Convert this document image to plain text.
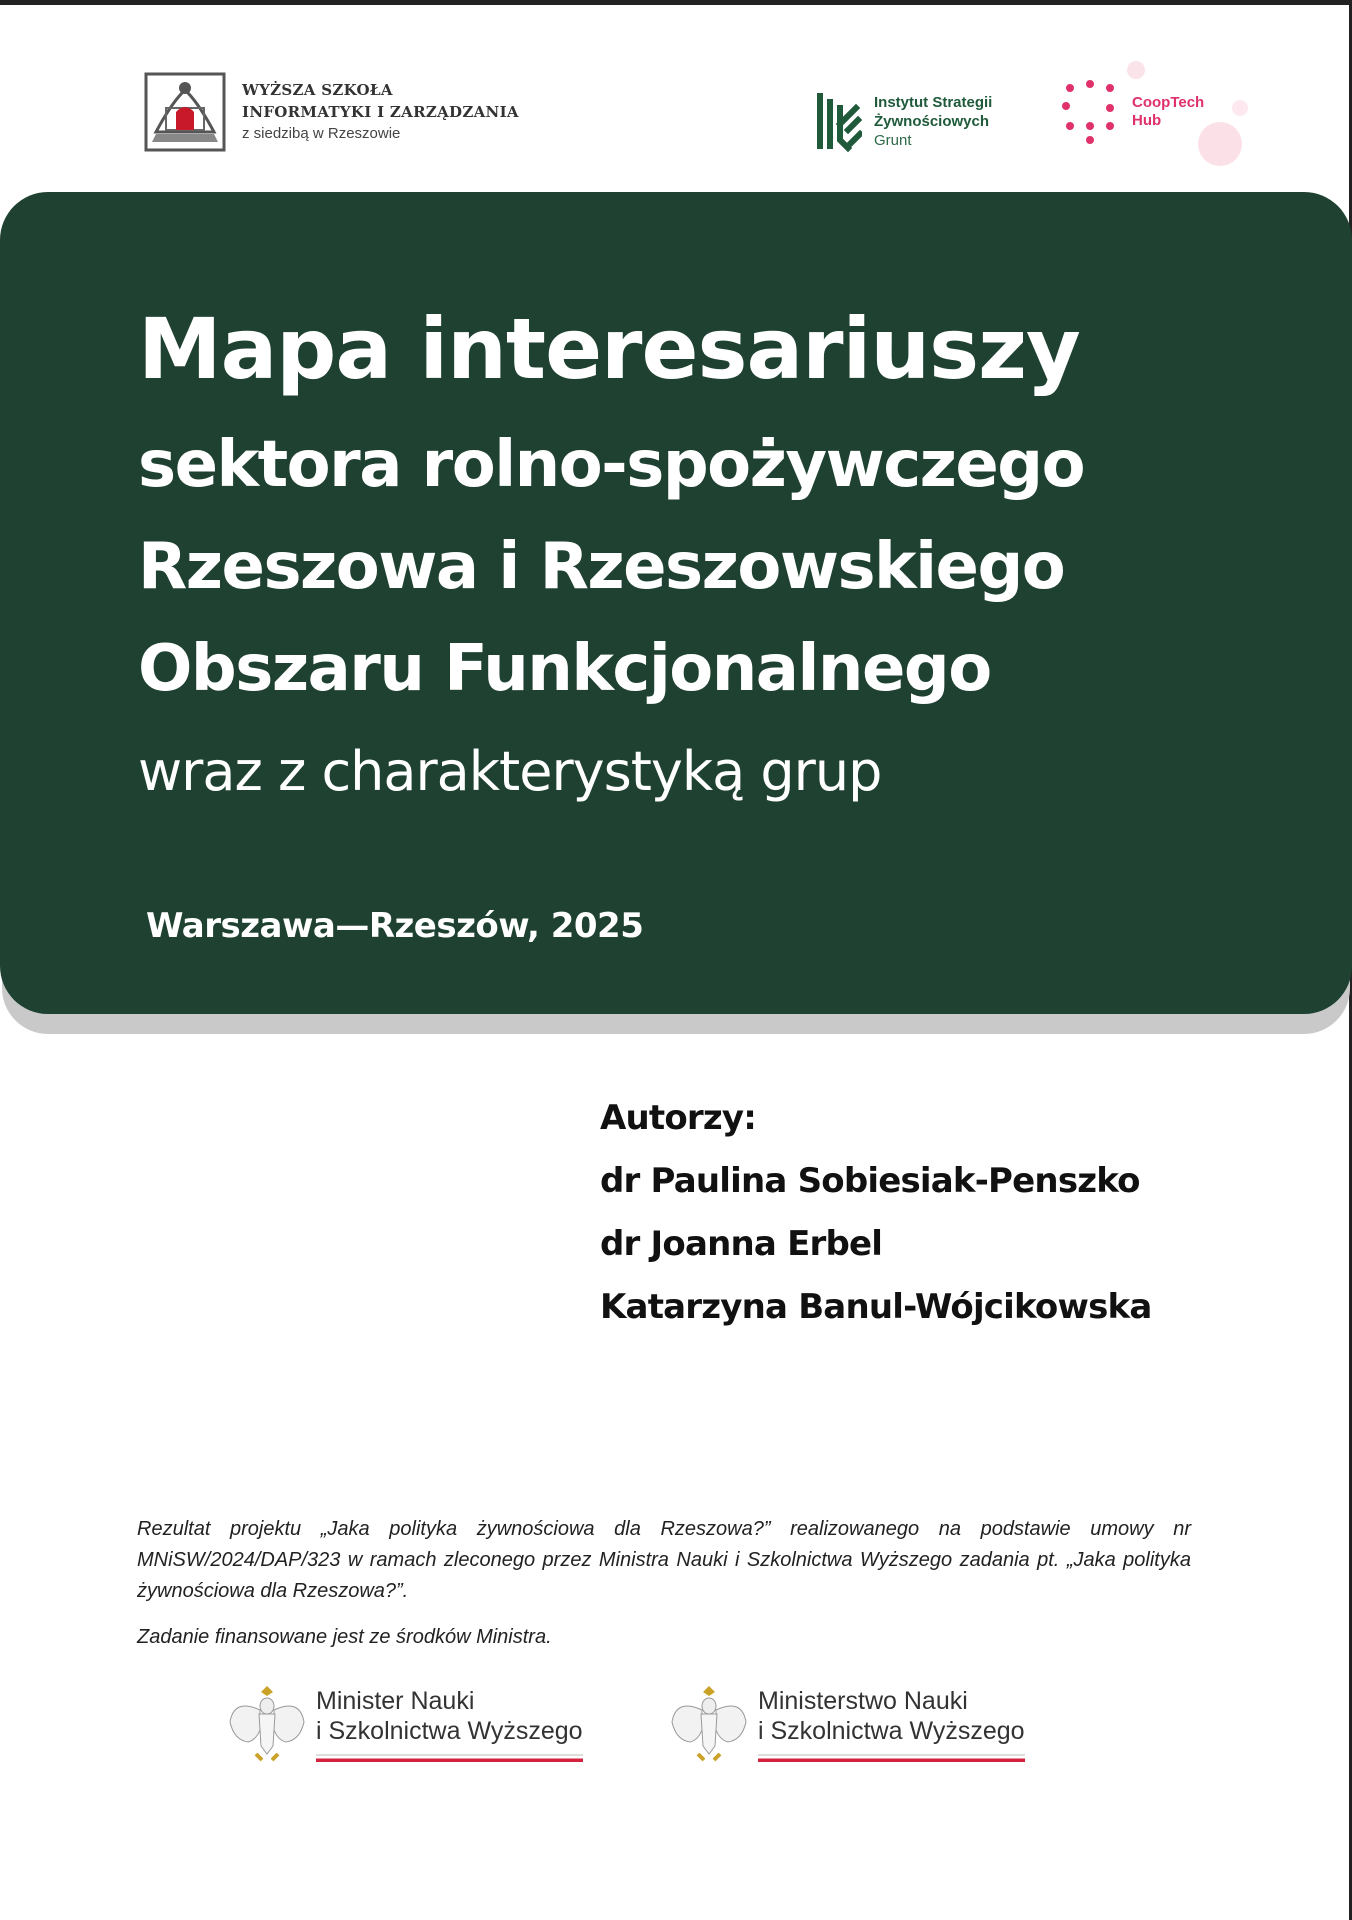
WYŻSZA SZKOŁA
INFORMATYKI I ZARZĄDZANIA
z siedzibą w Rzeszowie
Instytut Strategii
Żywnościowych
Grunt
CoopTech
Hub
Mapa interesariuszy
sektora rolno-spożywczego
Rzeszowa i Rzeszowskiego
Obszaru Funkcjonalnego
wraz z charakterystyką grup
Warszawa—Rzeszów, 2025
Autorzy:
dr Paulina Sobiesiak-Penszko
dr Joanna Erbel
Katarzyna Banul-Wójcikowska
Rezultat projektu „Jaka polityka żywnościowa dla Rzeszowa?” realizowanego na podstawie umowy nr MNiSW/2024/DAP/323 w ramach zleconego przez Ministra Nauki i Szkolnictwa Wyższego zadania pt. „Jaka polityka żywnościowa dla Rzeszowa?”.
Zadanie finansowane jest ze środków Ministra.
Minister Nauki
i Szkolnictwa Wyższego
Ministerstwo Nauki
i Szkolnictwa Wyższego
